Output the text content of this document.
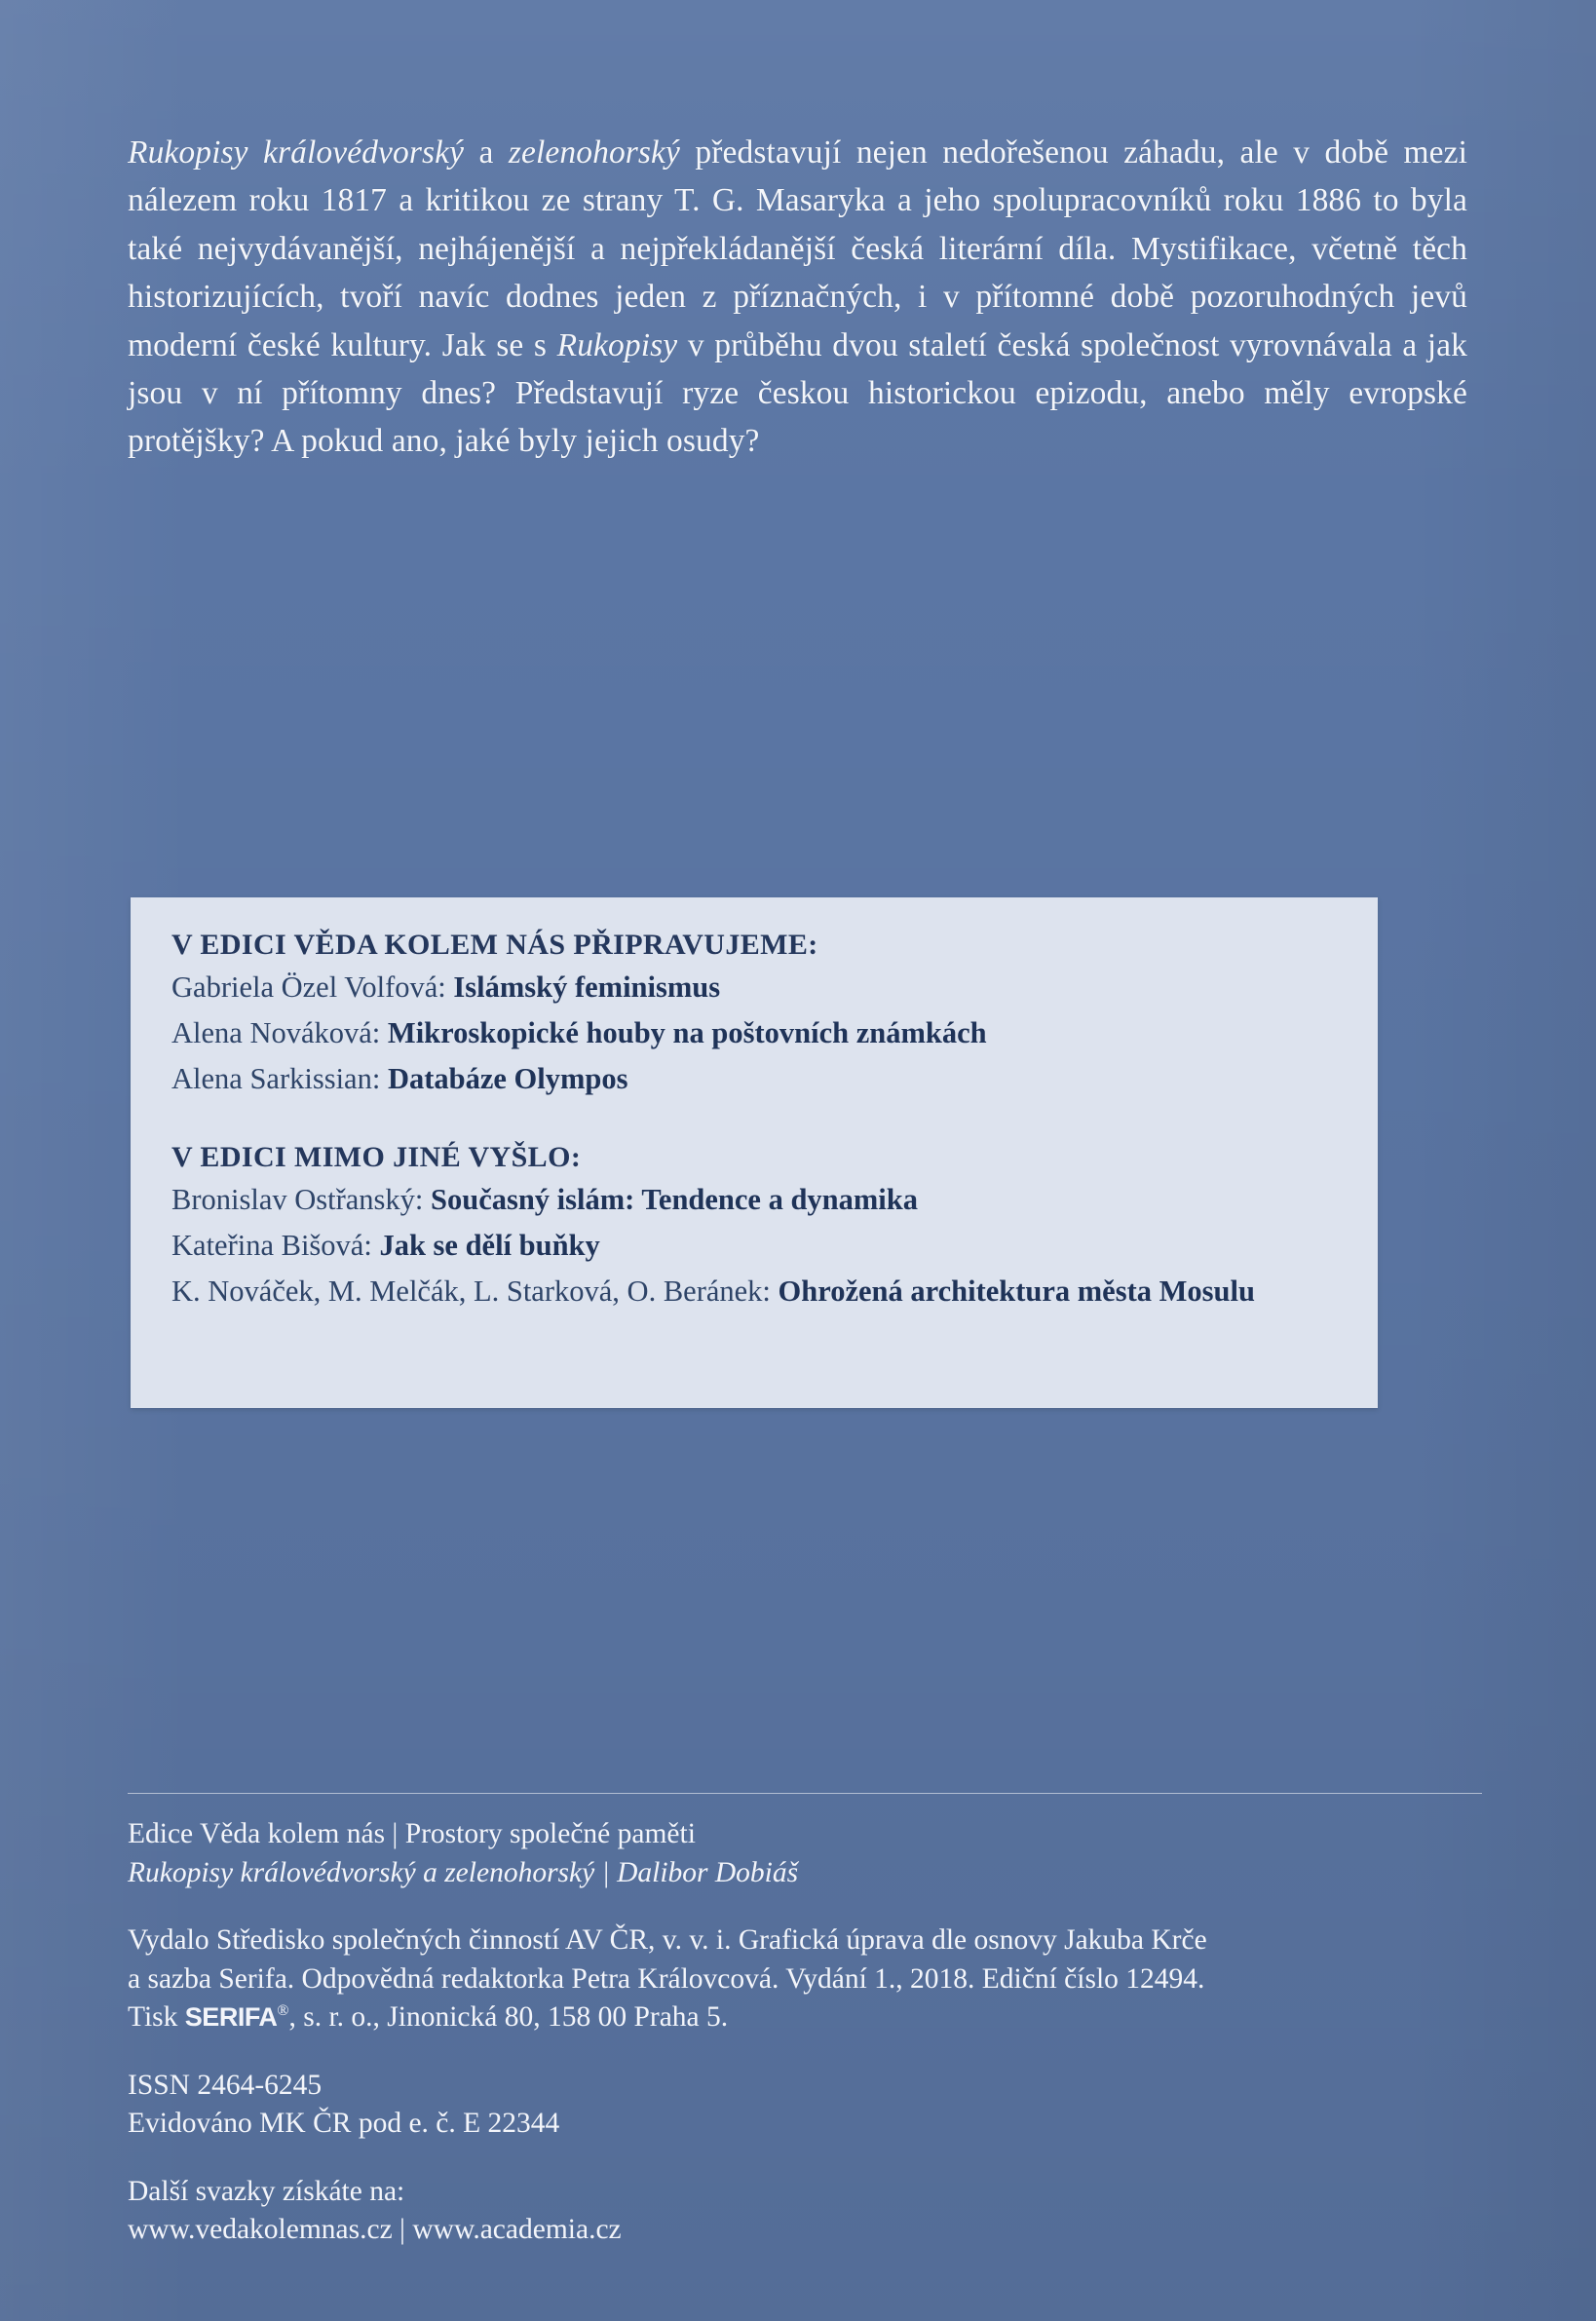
Rukopisy královédvorský a zelenohorský představují nejen nedořešenou záhadu, ale v době mezi nálezem roku 1817 a kritikou ze strany T. G. Masaryka a jeho spolupracovníků roku 1886 to byla také nejvydávanější, nejhájenější a nejpřekládanější česká literární díla. Mystifikace, včetně těch historizujících, tvoří navíc dodnes jeden z příznačných, i v přítomné době pozoruhodných jevů moderní české kultury. Jak se s Rukopisy v průběhu dvou staletí česká společnost vyrovnávala a jak jsou v ní přítomny dnes? Představují ryze českou historickou epizodu, anebo měly evropské protějšky? A pokud ano, jaké byly jejich osudy?
V EDICI VĚDA KOLEM NÁS PŘIPRAVUJEME:

Gabriela Özel Volfová: Islámský feminismus

Alena Nováková: Mikroskopické houby na poštovních známkách

Alena Sarkissian: Databáze Olympos

V EDICI MIMO JINÉ VYŠLO:

Bronislav Ostřanský: Současný islám: Tendence a dynamika

Kateřina Bišová: Jak se dělí buňky

K. Nováček, M. Melčák, L. Starková, O. Beránek: Ohrožená architektura města Mosulu

Edice Věda kolem nás | Prostory společné paměti
Rukopisy královédvorský a zelenohorský | Dalibor Dobiáš
Vydalo Středisko společných činností AV ČR, v. v. i. Grafická úprava dle osnovy Jakuba Krče
a sazba Serifa. Odpovědná redaktorka Petra Královcová. Vydání 1., 2018. Ediční číslo 12494.
Tisk SERIFA®, s. r. o., Jinonická 80, 158 00 Praha 5.
ISSN 2464-6245
Evidováno MK ČR pod e. č. E 22344
Další svazky získáte na:
www.vedakolemnas.cz | www.academia.cz
